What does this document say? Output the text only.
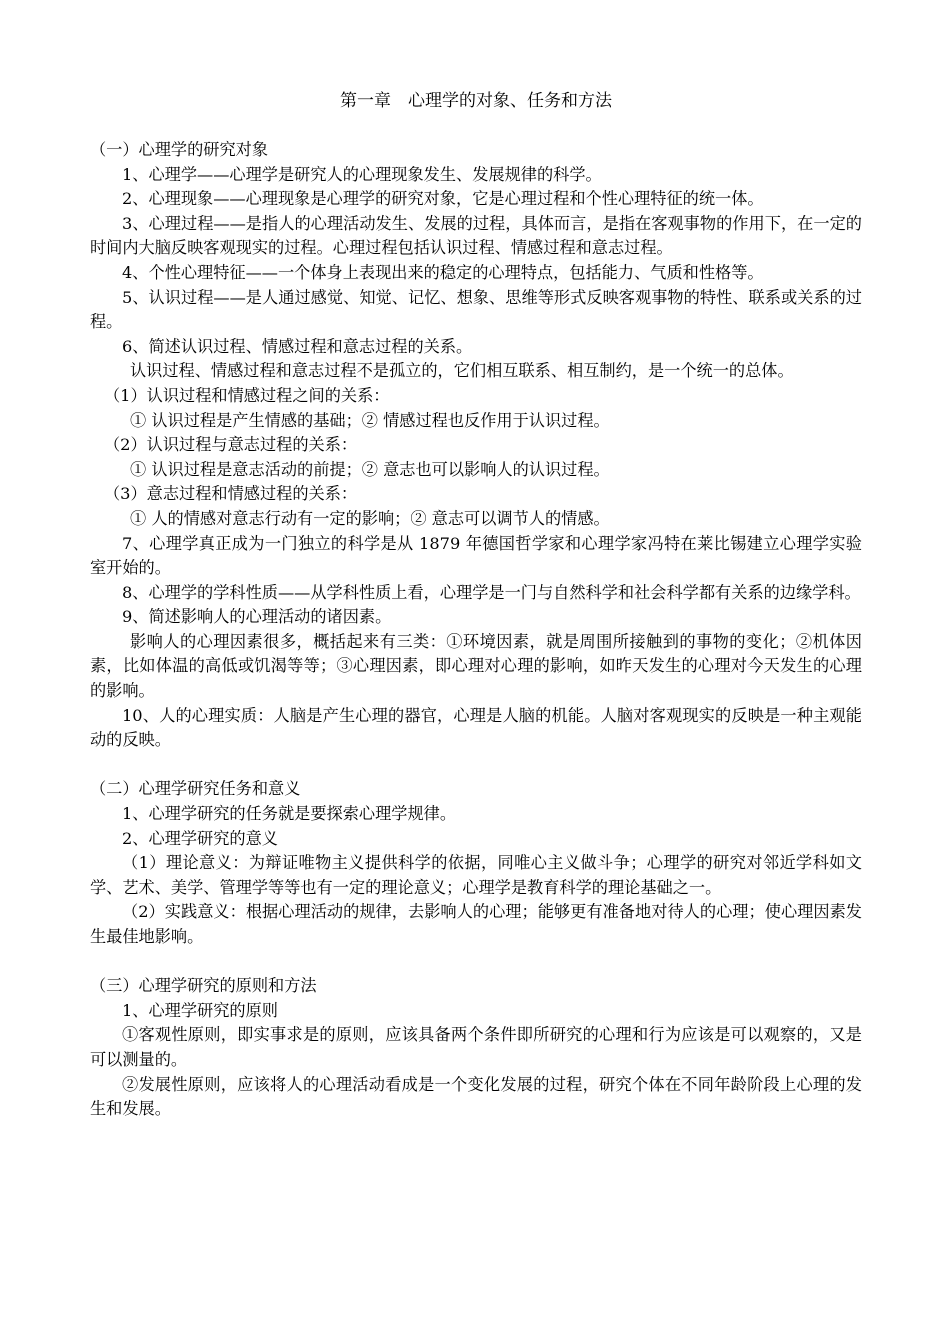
第一章　心理学的对象、任务和方法

（一）心理学的研究对象

1、心理学——心理学是研究人的心理现象发生、发展规律的科学。

2、心理现象——心理现象是心理学的研究对象，它是心理过程和个性心理特征的统一体。

3、心理过程——是指人的心理活动发生、发展的过程，具体而言，是指在客观事物的作用下，在一定的时间内大脑反映客观现实的过程。心理过程包括认识过程、情感过程和意志过程。

4、个性心理特征——一个体身上表现出来的稳定的心理特点，包括能力、气质和性格等。

5、认识过程——是人通过感觉、知觉、记忆、想象、思维等形式反映客观事物的特性、联系或关系的过程。

6、简述认识过程、情感过程和意志过程的关系。

认识过程、情感过程和意志过程不是孤立的，它们相互联系、相互制约，是一个统一的总体。

（1）认识过程和情感过程之间的关系：

① 认识过程是产生情感的基础；② 情感过程也反作用于认识过程。

（2）认识过程与意志过程的关系：

① 认识过程是意志活动的前提；② 意志也可以影响人的认识过程。

（3）意志过程和情感过程的关系：

① 人的情感对意志行动有一定的影响；② 意志可以调节人的情感。

7、心理学真正成为一门独立的科学是从 1879 年德国哲学家和心理学家冯特在莱比锡建立心理学实验室开始的。

8、心理学的学科性质——从学科性质上看，心理学是一门与自然科学和社会科学都有关系的边缘学科。

9、简述影响人的心理活动的诸因素。

影响人的心理因素很多，概括起来有三类：①环境因素，就是周围所接触到的事物的变化；②机体因素，比如体温的高低或饥渴等等；③心理因素，即心理对心理的影响，如昨天发生的心理对今天发生的心理的影响。

10、人的心理实质：人脑是产生心理的器官，心理是人脑的机能。人脑对客观现实的反映是一种主观能动的反映。

（二）心理学研究任务和意义

1、心理学研究的任务就是要探索心理学规律。

2、心理学研究的意义

（1）理论意义：为辩证唯物主义提供科学的依据，同唯心主义做斗争；心理学的研究对邻近学科如文学、艺术、美学、管理学等等也有一定的理论意义；心理学是教育科学的理论基础之一。

（2）实践意义：根据心理活动的规律，去影响人的心理；能够更有准备地对待人的心理；使心理因素发生最佳地影响。

（三）心理学研究的原则和方法

1、心理学研究的原则

①客观性原则，即实事求是的原则，应该具备两个条件即所研究的心理和行为应该是可以观察的，又是可以测量的。

②发展性原则，应该将人的心理活动看成是一个变化发展的过程，研究个体在不同年龄阶段上心理的发生和发展。
